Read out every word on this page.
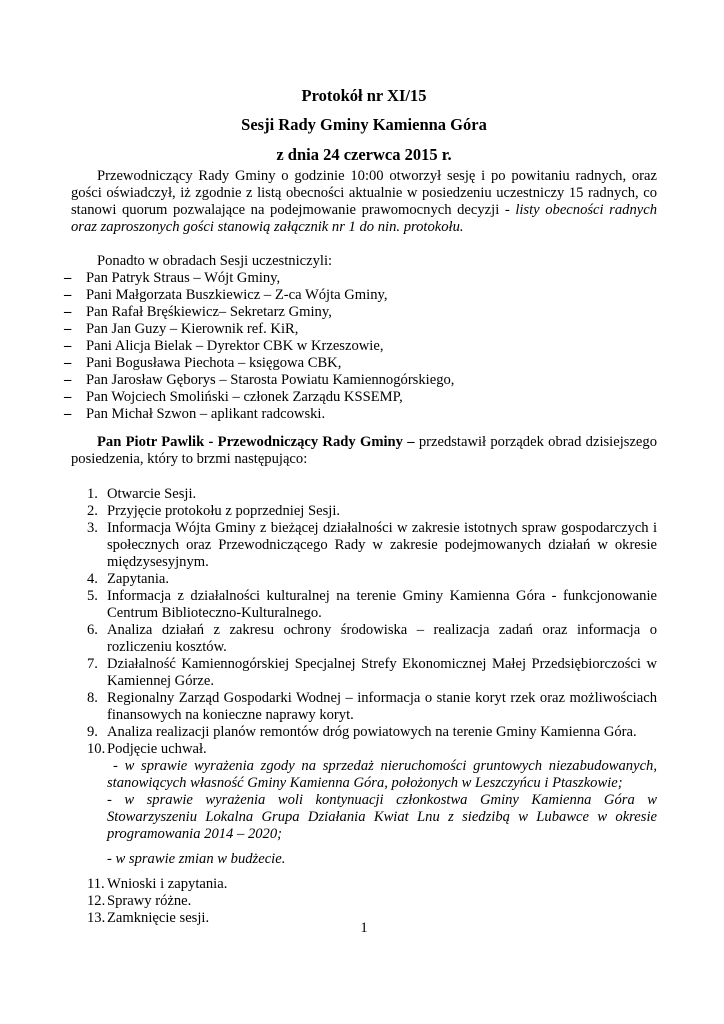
Protokół nr XI/15
Sesji Rady Gminy Kamienna Góra
z dnia 24 czerwca 2015 r.

Przewodniczący Rady Gminy o godzinie 10:00 otworzył sesję i po powitaniu radnych, oraz gości oświadczył, iż zgodnie z listą obecności aktualnie w posiedzeniu uczestniczy 15 radnych, co stanowi quorum pozwalające na podejmowanie prawomocnych decyzji - listy obecności radnych oraz zaproszonych gości stanowią załącznik nr 1 do nin. protokołu.

Ponadto w obradach Sesji uczestniczyli:
– Pan Patryk Straus – Wójt Gminy,
– Pani Małgorzata Buszkiewicz – Z-ca Wójta Gminy,
– Pan Rafał Bręśkiewicz– Sekretarz Gminy,
– Pan Jan Guzy – Kierownik ref. KiR,
– Pani Alicja Bielak – Dyrektor CBK w Krzeszowie,
– Pani Bogusława Piechota – księgowa CBK,
– Pan Jarosław Gęborys – Starosta Powiatu Kamiennogórskiego,
– Pan Wojciech Smoliński – członek Zarządu KSSEMP,
– Pan Michał Szwon – aplikant radcowski.

Pan Piotr Pawlik - Przewodniczący Rady Gminy – przedstawił porządek obrad dzisiejszego posiedzenia, który to brzmi następująco:

1. Otwarcie Sesji.
2. Przyjęcie protokołu z poprzedniej Sesji.
3. Informacja Wójta Gminy z bieżącej działalności w zakresie istotnych spraw gospodarczych i społecznych oraz Przewodniczącego Rady w zakresie podejmowanych działań w okresie międzysesyjnym.
4. Zapytania.
5. Informacja z działalności kulturalnej na terenie Gminy Kamienna Góra - funkcjonowanie Centrum Biblioteczno-Kulturalnego.
6. Analiza działań z zakresu ochrony środowiska – realizacja zadań oraz informacja o rozliczeniu kosztów.
7. Działalność Kamiennogórskiej Specjalnej Strefy Ekonomicznej Małej Przedsiębiorczości w Kamiennej Górze.
8. Regionalny Zarząd Gospodarki Wodnej – informacja o stanie koryt rzek oraz możliwościach finansowych na konieczne naprawy koryt.
9. Analiza realizacji planów remontów dróg powiatowych na terenie Gminy Kamienna Góra.
10. Podjęcie uchwał.

- w sprawie wyrażenia zgody na sprzedaż nieruchomości gruntowych niezabudowanych, stanowiących własność Gminy Kamienna Góra, położonych w Leszczyńcu i Ptaszkowie;

- w sprawie wyrażenia woli kontynuacji członkostwa Gminy Kamienna Góra w Stowarzyszeniu Lokalna Grupa Działania Kwiat Lnu z siedzibą w Lubawce w okresie programowania 2014 – 2020;

- w sprawie zmian w budżecie.

11. Wnioski i zapytania.
12. Sprawy różne.
13. Zamknięcie sesji.
1
